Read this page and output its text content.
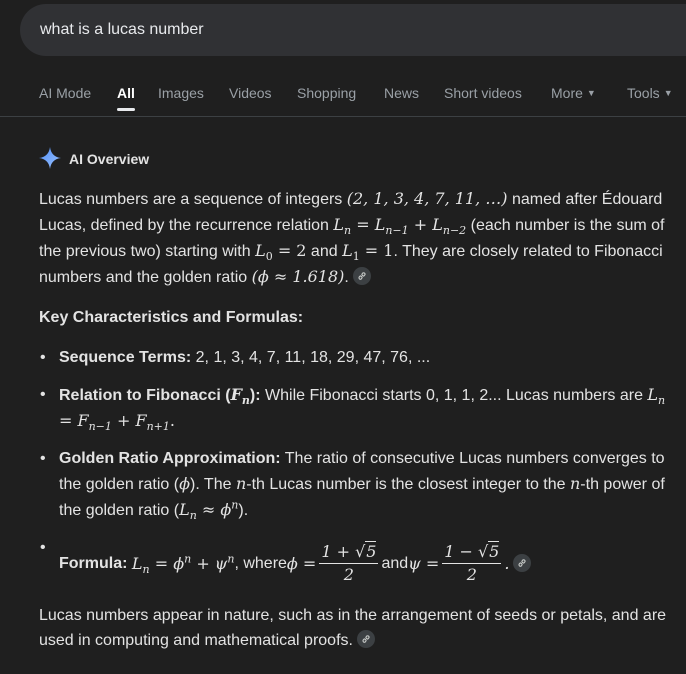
what is a lucas number
AI Mode All Images Videos Shopping News Short videos More ▼ Tools ▼
AI Overview

Lucas numbers are a sequence of integers (2, 1, 3, 4, 7, 11, …) named after Édouard Lucas, defined by the recurrence relation $L_n = L_{n-1} + L_{n-2}$ (each number is the sum of the previous two) starting with $L_0 = 2$ and $L_1 = 1$. They are closely related to Fibonacci numbers and the golden ratio (ϕ ≈ 1.618).

Key Characteristics and Formulas:

• Sequence Terms: 2, 1, 3, 4, 7, 11, 18, 29, 47, 76, ...
• Relation to Fibonacci $(F_n)$: While Fibonacci starts 0, 1, 1, 2... Lucas numbers are $L_n = F_{n-1} + F_{n+1}$.
• Golden Ratio Approximation: The ratio of consecutive Lucas numbers converges to the golden ratio (ϕ). The n-th Lucas number is the closest integer to the n-th power of the golden ratio $(L_n \approx \phi^n)$.
• Formula:
$L_n = \phi^n + \psi^n$ , where $\phi = \frac{1 + √5}{2}$ and $\psi = \frac{1 - √5}{2}$ .

Lucas numbers appear in nature, such as in the arrangement of seeds or petals, and are used in computing and mathematical proofs.
